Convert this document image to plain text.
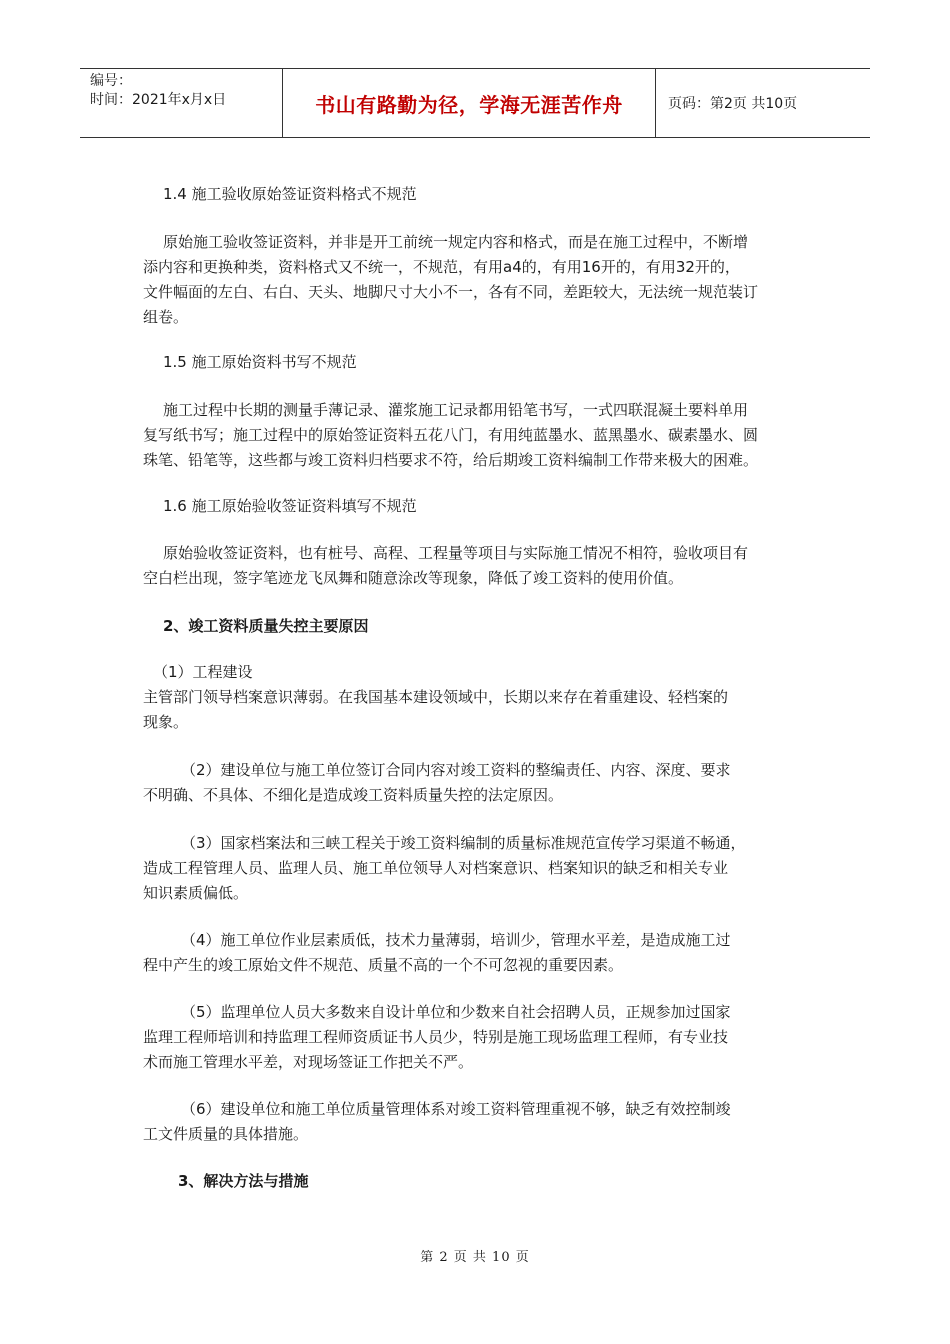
编号：
时间：2021年x月x日	书山有路勤为径，学海无涯苦作舟	页码：第2页 共10页

1.4 施工验收原始签证资料格式不规范

原始施工验收签证资料，并非是开工前统一规定内容和格式，而是在施工过程中，不断增
添内容和更换种类，资料格式又不统一，不规范，有用a4的，有用16开的，有用32开的，
文件幅面的左白、右白、天头、地脚尺寸大小不一，各有不同，差距较大，无法统一规范装订
组卷。

1.5 施工原始资料书写不规范

施工过程中长期的测量手薄记录、灌浆施工记录都用铅笔书写，一式四联混凝土要料单用
复写纸书写；施工过程中的原始签证资料五花八门，有用纯蓝墨水、蓝黑墨水、碳素墨水、圆
珠笔、铅笔等，这些都与竣工资料归档要求不符，给后期竣工资料编制工作带来极大的困难。

1.6 施工原始验收签证资料填写不规范

原始验收签证资料，也有桩号、高程、工程量等项目与实际施工情况不相符，验收项目有
空白栏出现，签字笔迹龙飞凤舞和随意涂改等现象，降低了竣工资料的使用价值。

2、竣工资料质量失控主要原因

（1）工程建设

主管部门领导档案意识薄弱。在我国基本建设领域中，长期以来存在着重建设、轻档案的
现象。

（2）建设单位与施工单位签订合同内容对竣工资料的整编责任、内容、深度、要求
不明确、不具体、不细化是造成竣工资料质量失控的法定原因。

（3）国家档案法和三峡工程关于竣工资料编制的质量标准规范宣传学习渠道不畅通，
造成工程管理人员、监理人员、施工单位领导人对档案意识、档案知识的缺乏和相关专业
知识素质偏低。

（4）施工单位作业层素质低，技术力量薄弱，培训少，管理水平差，是造成施工过
程中产生的竣工原始文件不规范、质量不高的一个不可忽视的重要因素。

（5）监理单位人员大多数来自设计单位和少数来自社会招聘人员，正规参加过国家
监理工程师培训和持监理工程师资质证书人员少，特别是施工现场监理工程师，有专业技
术而施工管理水平差，对现场签证工作把关不严。

（6）建设单位和施工单位质量管理体系对竣工资料管理重视不够，缺乏有效控制竣
工文件质量的具体措施。

3、解决方法与措施

第 2 页 共 10 页
